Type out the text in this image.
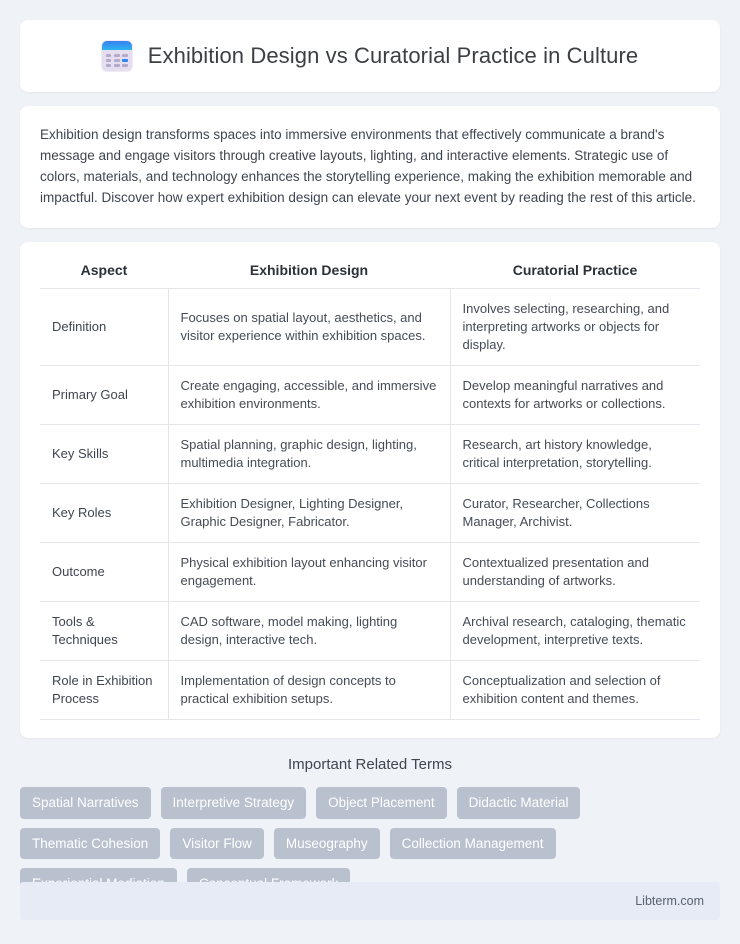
Exhibition Design vs Curatorial Practice in Culture

Exhibition design transforms spaces into immersive environments that effectively communicate a brand's message and engage visitors through creative layouts, lighting, and interactive elements. Strategic use of colors, materials, and technology enhances the storytelling experience, making the exhibition memorable and impactful. Discover how expert exhibition design can elevate your next event by reading the rest of this article.

Aspect	Exhibition Design	Curatorial Practice
Definition	Focuses on spatial layout, aesthetics, and visitor experience within exhibition spaces.	Involves selecting, researching, and interpreting artworks or objects for display.
Primary Goal	Create engaging, accessible, and immersive exhibition environments.	Develop meaningful narratives and contexts for artworks or collections.
Key Skills	Spatial planning, graphic design, lighting, multimedia integration.	Research, art history knowledge, critical interpretation, storytelling.
Key Roles	Exhibition Designer, Lighting Designer, Graphic Designer, Fabricator.	Curator, Researcher, Collections Manager, Archivist.
Outcome	Physical exhibition layout enhancing visitor engagement.	Contextualized presentation and understanding of artworks.
Tools & Techniques	CAD software, model making, lighting design, interactive tech.	Archival research, cataloging, thematic development, interpretive texts.
Role in Exhibition Process	Implementation of design concepts to practical exhibition setups.	Conceptualization and selection of exhibition content and themes.
Important Related Terms
Spatial Narratives	Interpretive Strategy	Object Placement	Didactic Material
Thematic Cohesion	Visitor Flow	Museography	Collection Management
Libterm.com
